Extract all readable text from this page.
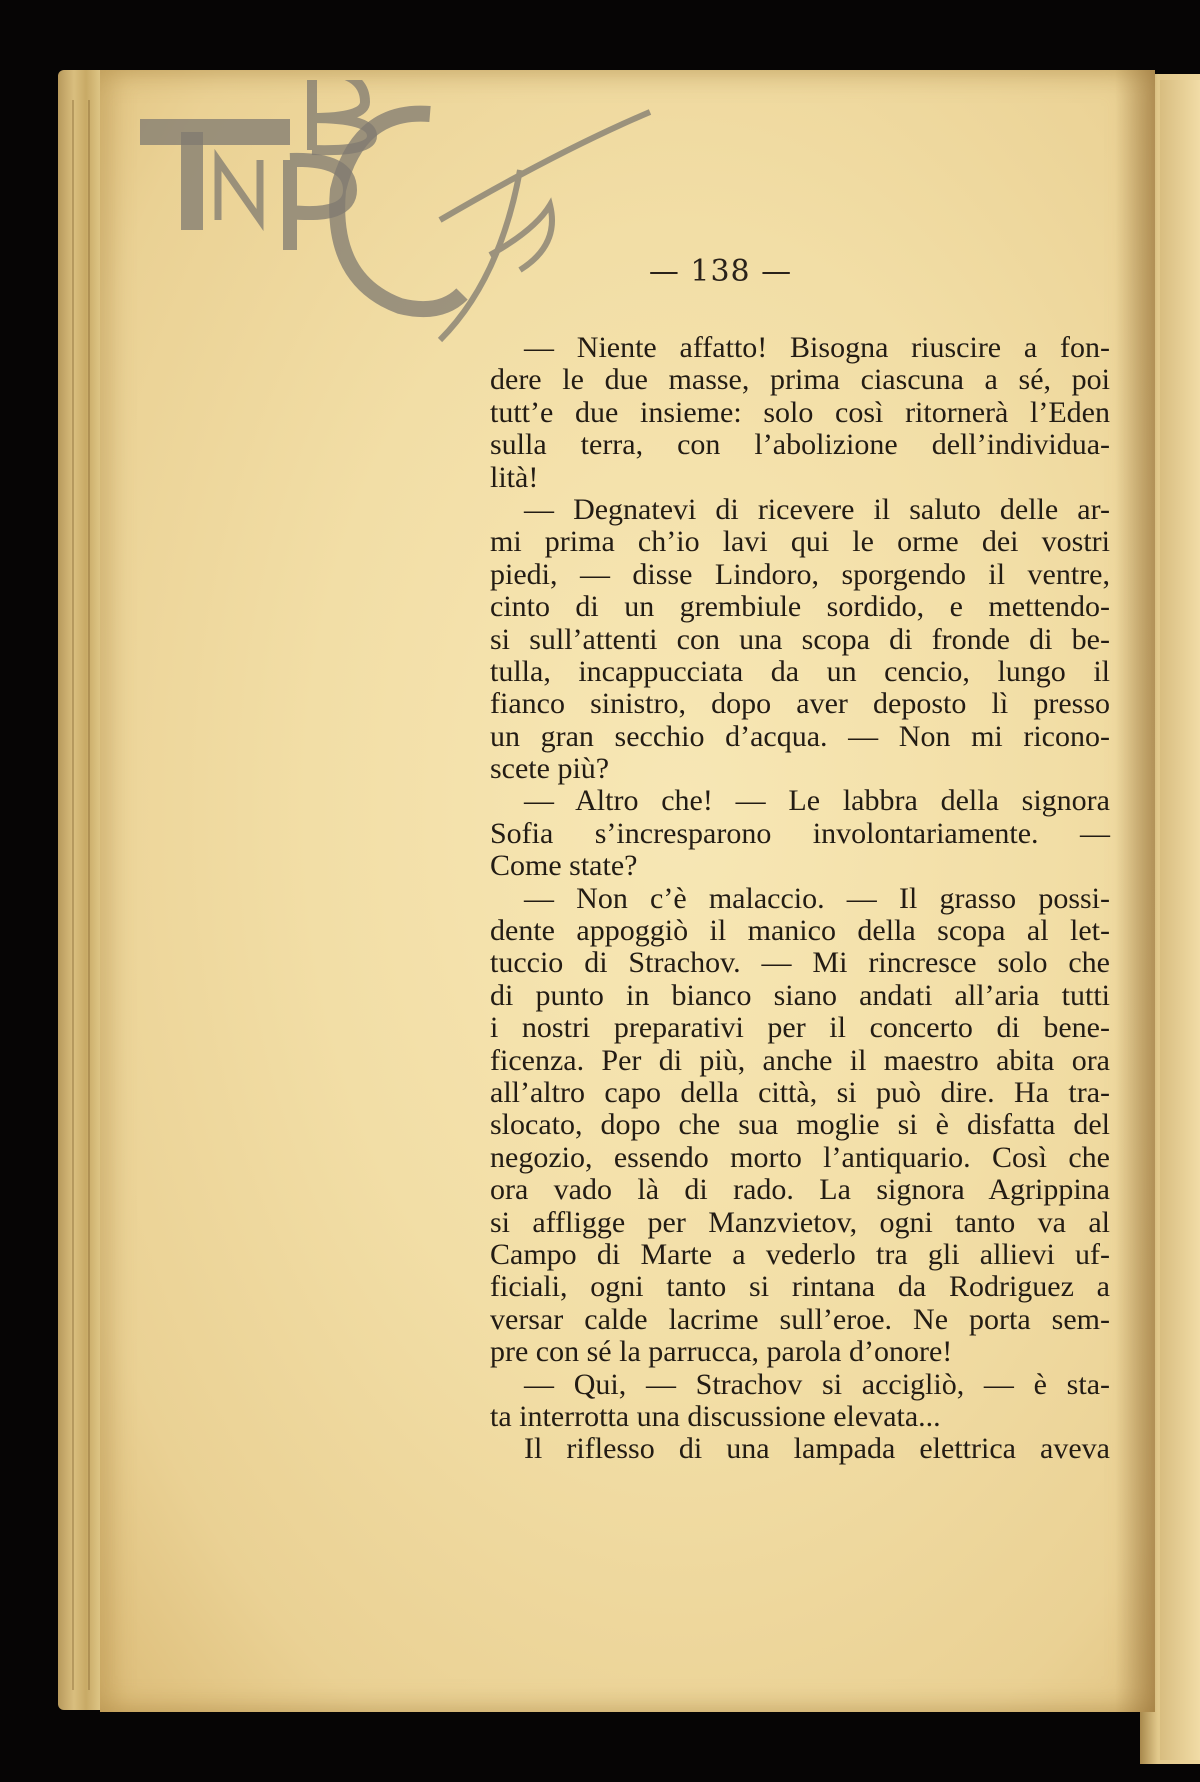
— 138 —
— Niente affatto! Bisogna riuscire a fon-
dere le due masse, prima ciascuna a sé, poi
tutt’e due insieme: solo così ritornerà l’Eden
sulla terra, con l’abolizione dell’individua-
lità!
— Degnatevi di ricevere il saluto delle ar-
mi prima ch’io lavi qui le orme dei vostri
piedi, — disse Lindoro, sporgendo il ventre,
cinto di un grembiule sordido, e mettendo-
si sull’attenti con una scopa di fronde di be-
tulla, incappucciata da un cencio, lungo il
fianco sinistro, dopo aver deposto lì presso
un gran secchio d’acqua. — Non mi ricono-
scete più?
— Altro che! — Le labbra della signora
Sofia s’incresparono involontariamente. —
Come state?
— Non c’è malaccio. — Il grasso possi-
dente appoggiò il manico della scopa al let-
tuccio di Strachov. — Mi rincresce solo che
di punto in bianco siano andati all’aria tutti
i nostri preparativi per il concerto di bene-
ficenza. Per di più, anche il maestro abita ora
all’altro capo della città, si può dire. Ha tra-
slocato, dopo che sua moglie si è disfatta del
negozio, essendo morto l’antiquario. Così che
ora vado là di rado. La signora Agrippina
si affligge per Manzvietov, ogni tanto va al
Campo di Marte a vederlo tra gli allievi uf-
ficiali, ogni tanto si rintana da Rodriguez a
versar calde lacrime sull’eroe. Ne porta sem-
pre con sé la parrucca, parola d’onore!
— Qui, — Strachov si accigliò, — è sta-
ta interrotta una discussione elevata...
Il riflesso di una lampada elettrica aveva
